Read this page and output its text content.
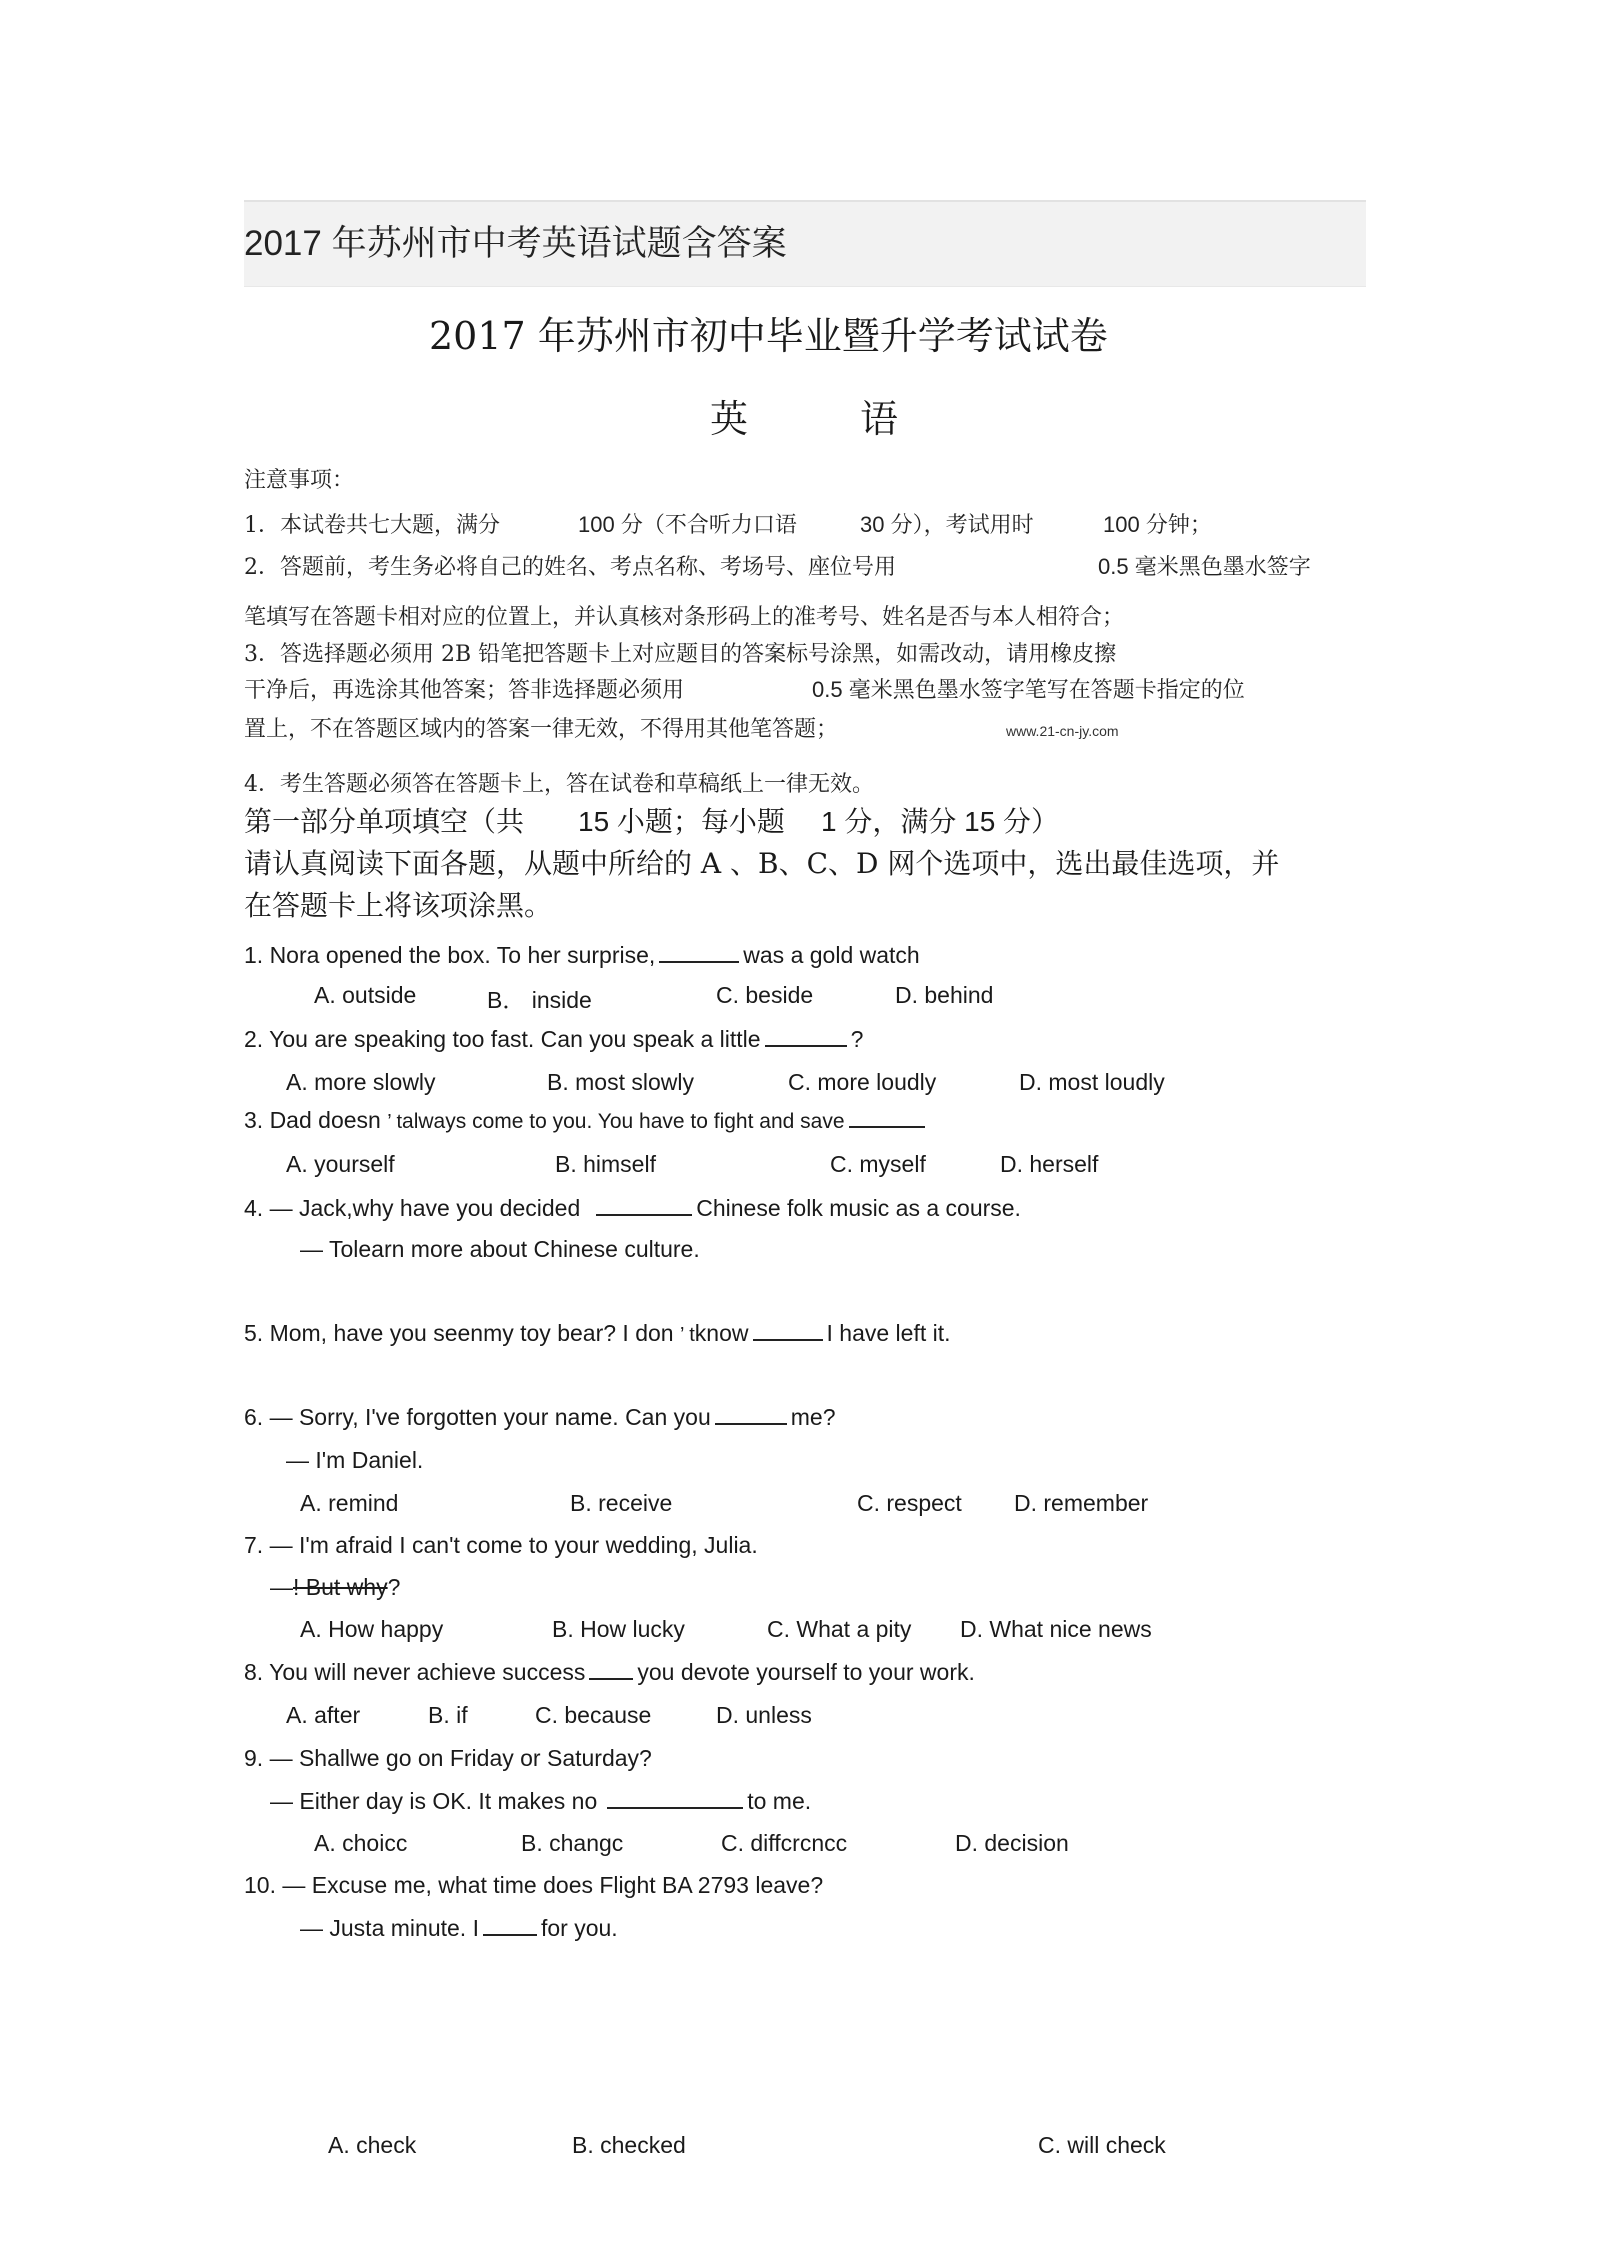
2017 年苏州市中考英语试题含答案
2017 年苏州市初中毕业暨升学考试试卷
英	语
注意事项：
1．本试卷共七大题，满分	100 分（不合听力口语	30 分），考试用时	100 分钟；
2．答题前，考生务必将自己的姓名、考点名称、考场号、座位号用	0.5 毫米黑色墨水签字
笔填写在答题卡相对应的位置上，并认真核对条形码上的准考号、姓名是否与本人相符合；
3．答选择题必须用 2B 铅笔把答题卡上对应题目的答案标号涂黑，如需改动，请用橡皮擦
干净后，再选涂其他答案；答非选择题必须用	0.5 毫米黑色墨水签字笔写在答题卡指定的位
置上，不在答题区域内的答案一律无效，不得用其他笔答题；	www.21-cn-jy.com
4．考生答题必须答在答题卡上，答在试卷和草稿纸上一律无效。
第一部分单项填空（共 15 小题；每小题 1 分，满分 15 分）
请认真阅读下面各题，从题中所给的 A 、B、C、D 网个选项中，选出最佳选项，并
在答题卡上将该项涂黑。
1. Nora opened the box. To her surprise,	was a gold watch
A. outside	B． inside	C. beside	D. behind
2. You are speaking too fast. Can you speak a little	?
A. more slowly	B. most slowly	C. more loudly	D. most loudly
3. Dad doesn ’ talways come to you. You have to fight and save
A. yourself	B. himself	C. myself	D. herself
4. — Jack,why have you decided	Chinese folk music as a course.
— Tolearn more about Chinese culture.
5. Mom, have you seenmy toy bear? I don ’ tknow	I have left it.
6. — Sorry, I've forgotten your name. Can you	me?
— I'm Daniel.
A. remind	B. receive	C. respect D. remember
7. — I'm afraid I can't come to your wedding, Julia.
—! But why?
A. How happy	B. How lucky	C. What a pity D. What nice news
8. You will never achieve success you devote yourself to your work.
A. after	B. if	C. because	D. unless
9. — Shallwe go on Friday or Saturday?
— Either day is OK. It makes no	to me.
A. choicc	B. changc	C. diffcrcncc	D. decision
10. — Excuse me, what time does Flight BA 2793 leave?
— Justa minute. I	for you.
A. check	B. checked	C. will check
